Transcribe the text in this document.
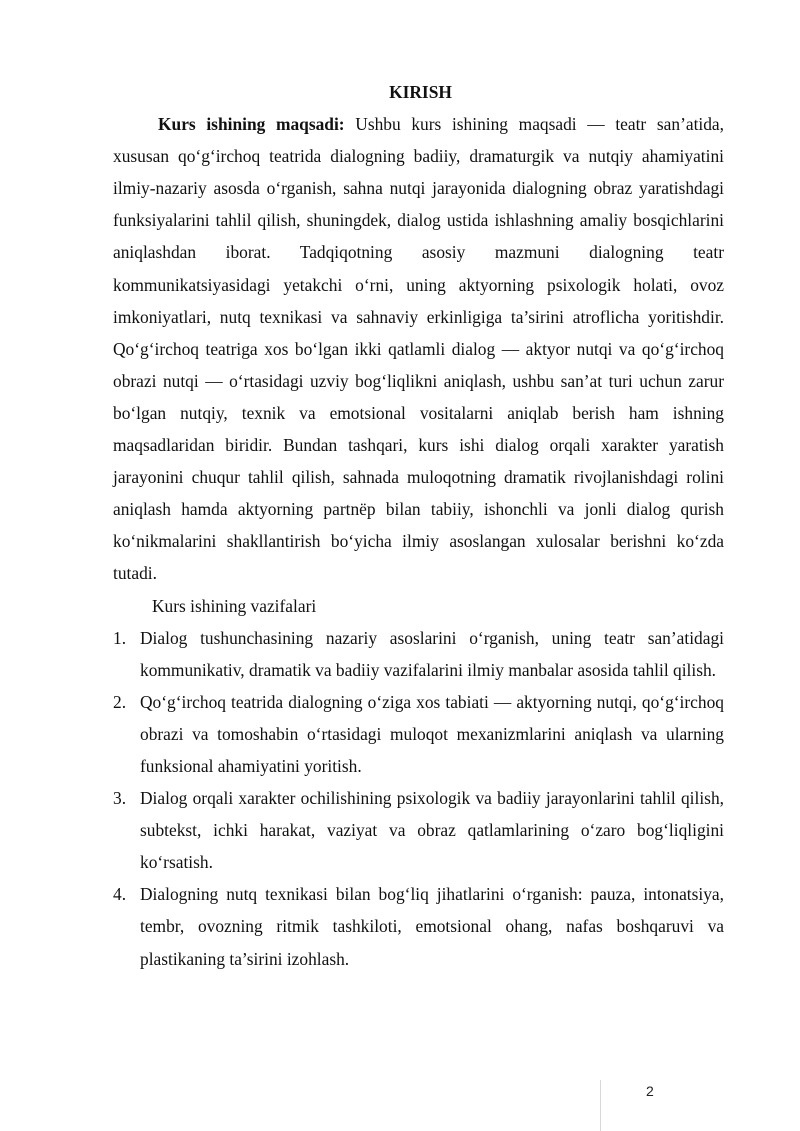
KIRISH

Kurs ishining maqsadi: Ushbu kurs ishining maqsadi — teatr san’atida, xususan qo‘g‘irchoq teatrida dialogning badiiy, dramaturgik va nutqiy ahamiyatini ilmiy-nazariy asosda o‘rganish, sahna nutqi jarayonida dialogning obraz yaratishdagi funksiyalarini tahlil qilish, shuningdek, dialog ustida ishlashning amaliy bosqichlarini aniqlashdan iborat. Tadqiqotning asosiy mazmuni dialogning teatr kommunikatsiyasidagi yetakchi o‘rni, uning aktyorning psixologik holati, ovoz imkoniyatlari, nutq texnikasi va sahnaviy erkinligiga ta’sirini atroflicha yoritishdir. Qo‘g‘irchoq teatriga xos bo‘lgan ikki qatlamli dialog — aktyor nutqi va qo‘g‘irchoq obrazi nutqi — o‘rtasidagi uzviy bog‘liqlikni aniqlash, ushbu san’at turi uchun zarur bo‘lgan nutqiy, texnik va emotsional vositalarni aniqlab berish ham ishning maqsadlaridan biridir. Bundan tashqari, kurs ishi dialog orqali xarakter yaratish jarayonini chuqur tahlil qilish, sahnada muloqotning dramatik rivojlanishdagi rolini aniqlash hamda aktyorning partnёр bilan tabiiy, ishonchli va jonli dialog qurish ko‘nikmalarini shakllantirish bo‘yicha ilmiy asoslangan xulosalar berishni ko‘zda tutadi.

Kurs ishining vazifalari

1. Dialog tushunchasining nazariy asoslarini o‘rganish, uning teatr san’atidagi kommunikativ, dramatik va badiiy vazifalarini ilmiy manbalar asosida tahlil qilish.
2. Qo‘g‘irchoq teatrida dialogning o‘ziga xos tabiati — aktyorning nutqi, qo‘g‘irchoq obrazi va tomoshabin o‘rtasidagi muloqot mexanizmlarini aniqlash va ularning funksional ahamiyatini yoritish.
3. Dialog orqali xarakter ochilishining psixologik va badiiy jarayonlarini tahlil qilish, subtekst, ichki harakat, vaziyat va obraz qatlamlarining o‘zaro bog‘liqligini ko‘rsatish.
4. Dialogning nutq texnikasi bilan bog‘liq jihatlarini o‘rganish: pauza, intonatsiya, tembr, ovozning ritmik tashkiloti, emotsional ohang, nafas boshqaruvi va plastikaning ta’sirini izohlash.
2
